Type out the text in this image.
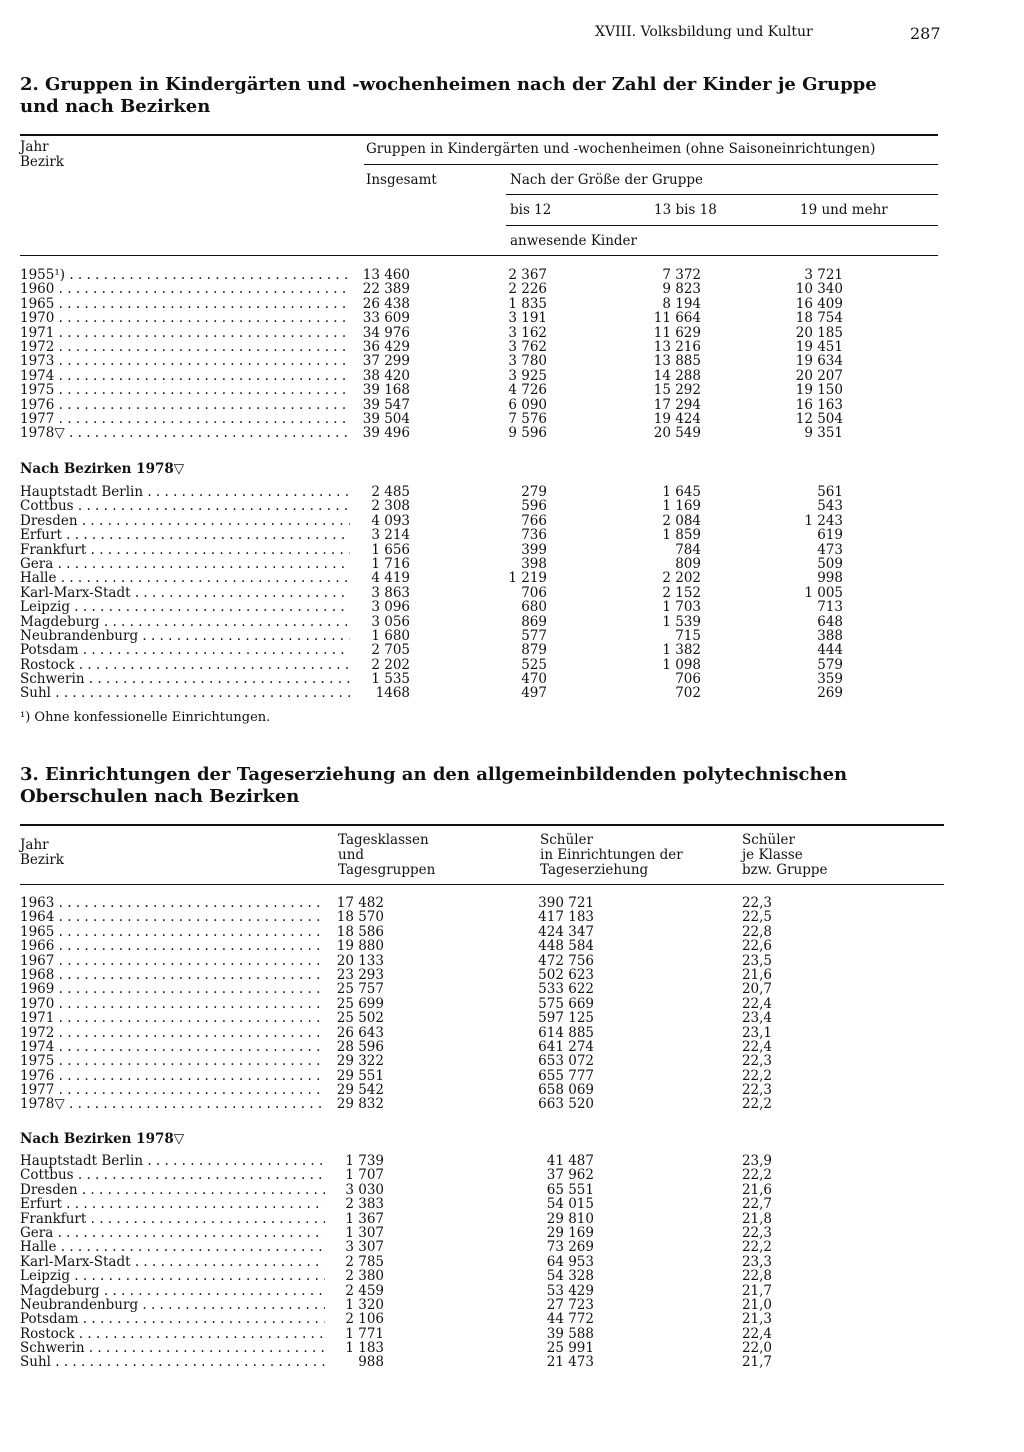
XVIII. Volksbildung und Kultur	287
2. Gruppen in Kindergärten und -wochenheimen nach der Zahl der Kinder je Gruppe und nach Bezirken
Jahr
Bezirk
Gruppen in Kindergärten und -wochenheimen (ohne Saisoneinrichtungen)
Insgesamt	Nach der Größe der Gruppe
bis 12	13 bis 18	19 und mehr
anwesende Kinder
1955¹) . . .	13 460	2 367	7 372	3 721
1960 . . .	22 389	2 226	9 823	10 340
1965 . . .	26 438	1 835	8 194	16 409
1970 . . .	33 609	3 191	11 664	18 754
1971 . . .	34 976	3 162	11 629	20 185
1972 . . .	36 429	3 762	13 216	19 451
1973 . . .	37 299	3 780	13 885	19 634
1974 . . .	38 420	3 925	14 288	20 207
1975 . . .	39 168	4 726	15 292	19 150
1976 . . .	39 547	6 090	17 294	16 163
1977 . . .	39 504	7 576	19 424	12 504
1978▽ . . .	39 496	9 596	20 549	9 351
Nach Bezirken 1978▽
Hauptstadt Berlin . . .	2 485	279	1 645	561
Cottbus . . .	2 308	596	1 169	543
Dresden . . .	4 093	766	2 084	1 243
Erfurt . . .	3 214	736	1 859	619
Frankfurt . . .	1 656	399	784	473
Gera . . .	1 716	398	809	509
Halle . . .	4 419	1 219	2 202	998
Karl-Marx-Stadt . . .	3 863	706	2 152	1 005
Leipzig . . .	3 096	680	1 703	713
Magdeburg . . .	3 056	869	1 539	648
Neubrandenburg . . .	1 680	577	715	388
Potsdam . . .	2 705	879	1 382	444
Rostock . . .	2 202	525	1 098	579
Schwerin . . .	1 535	470	706	359
Suhl . . .	1468	497	702	269
¹) Ohne konfessionelle Einrichtungen.
3. Einrichtungen der Tageserziehung an den allgemeinbildenden polytechnischen Oberschulen nach Bezirken
Jahr
Bezirk
Tagesklassen
und
Tagesgruppen
Schüler
in Einrichtungen der
Tageserziehung
Schüler
je Klasse
bzw. Gruppe
1963 . . .	17 482	390 721	22,3
1964 . . .	18 570	417 183	22,5
1965 . . .	18 586	424 347	22,8
1966 . . .	19 880	448 584	22,6
1967 . . .	20 133	472 756	23,5
1968 . . .	23 293	502 623	21,6
1969 . . .	25 757	533 622	20,7
1970 . . .	25 699	575 669	22,4
1971 . . .	25 502	597 125	23,4
1972 . . .	26 643	614 885	23,1
1974 . . .	28 596	641 274	22,4
1975 . . .	29 322	653 072	22,3
1976 . . .	29 551	655 777	22,2
1977 . . .	29 542	658 069	22,3
1978▽ . . .	29 832	663 520	22,2
Nach Bezirken 1978▽
Hauptstadt Berlin . . .	1 739	41 487	23,9
Cottbus . . .	1 707	37 962	22,2
Dresden . . .	3 030	65 551	21,6
Erfurt . . .	2 383	54 015	22,7
Frankfurt . . .	1 367	29 810	21,8
Gera . . .	1 307	29 169	22,3
Halle . . .	3 307	73 269	22,2
Karl-Marx-Stadt . . .	2 785	64 953	23,3
Leipzig . . .	2 380	54 328	22,8
Magdeburg . . .	2 459	53 429	21,7
Neubrandenburg . . .	1 320	27 723	21,0
Potsdam . . .	2 106	44 772	21,3
Rostock . . .	1 771	39 588	22,4
Schwerin . . .	1 183	25 991	22,0
Suhl . . .	988	21 473	21,7
